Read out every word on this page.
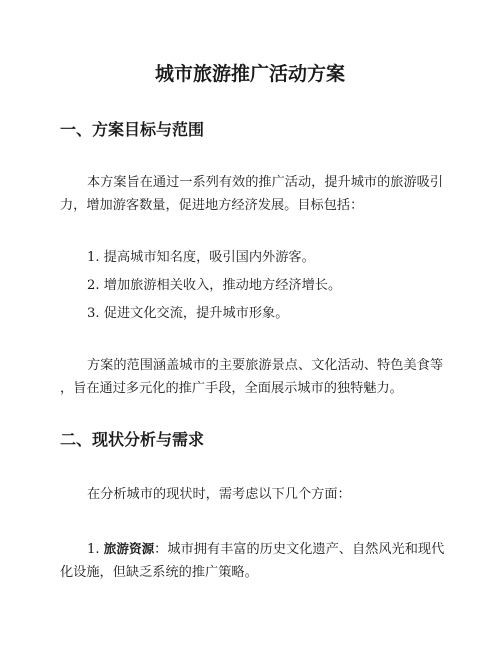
城市旅游推广活动方案
一、方案目标与范围

本方案旨在通过一系列有效的推广活动，提升城市的旅游吸引
力，增加游客数量，促进地方经济发展。目标包括：

1. 提高城市知名度，吸引国内外游客。

2. 增加旅游相关收入，推动地方经济增长。

3. 促进文化交流，提升城市形象。

方案的范围涵盖城市的主要旅游景点、文化活动、特色美食等
，旨在通过多元化的推广手段，全面展示城市的独特魅力。

二、现状分析与需求

在分析城市的现状时，需考虑以下几个方面：

1. 旅游资源：城市拥有丰富的历史文化遗产、自然风光和现代
化设施，但缺乏系统的推广策略。
